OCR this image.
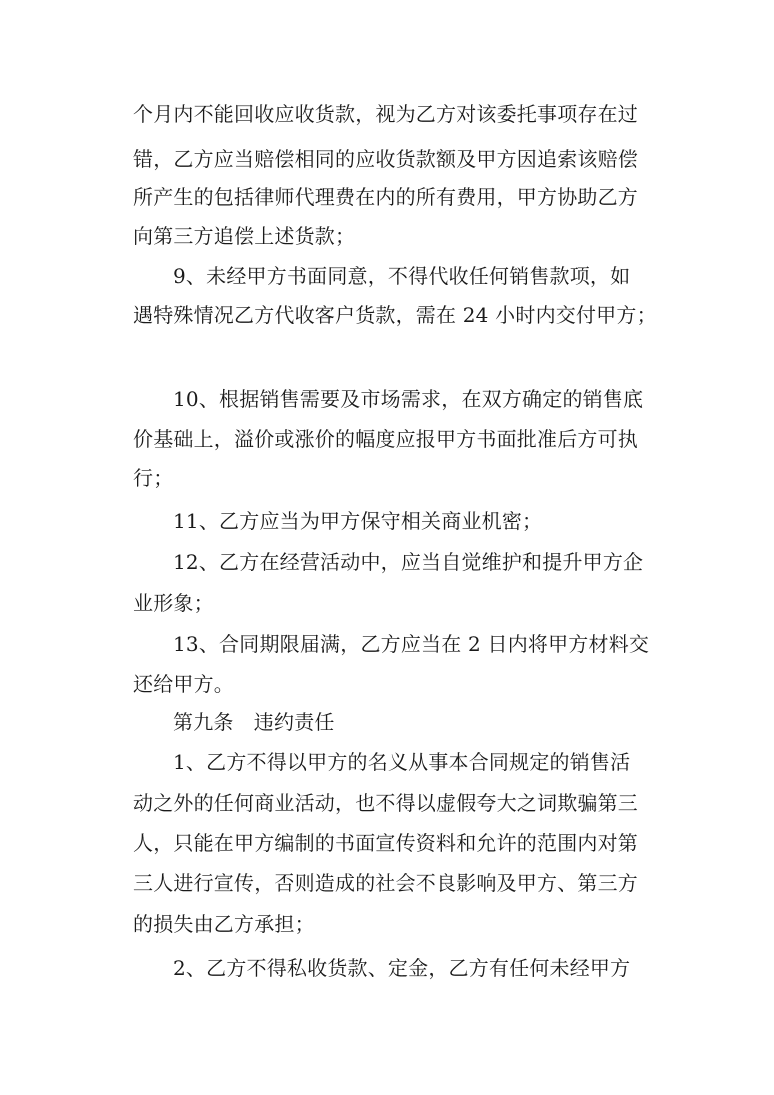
个月内不能回收应收货款，视为乙方对该委托事项存在过
错，乙方应当赔偿相同的应收货款额及甲方因追索该赔偿
所产生的包括律师代理费在内的所有费用，甲方协助乙方
向第三方追偿上述货款；
9、未经甲方书面同意，不得代收任何销售款项，如
遇特殊情况乙方代收客户货款，需在 24 小时内交付甲方；
10、根据销售需要及市场需求，在双方确定的销售底
价基础上，溢价或涨价的幅度应报甲方书面批准后方可执
行；
11、乙方应当为甲方保守相关商业机密；
12、乙方在经营活动中，应当自觉维护和提升甲方企
业形象；
13、合同期限届满，乙方应当在 2 日内将甲方材料交
还给甲方。
第九条　违约责任
1、乙方不得以甲方的名义从事本合同规定的销售活
动之外的任何商业活动，也不得以虚假夸大之词欺骗第三
人，只能在甲方编制的书面宣传资料和允许的范围内对第
三人进行宣传，否则造成的社会不良影响及甲方、第三方
的损失由乙方承担；
2、乙方不得私收货款、定金，乙方有任何未经甲方
